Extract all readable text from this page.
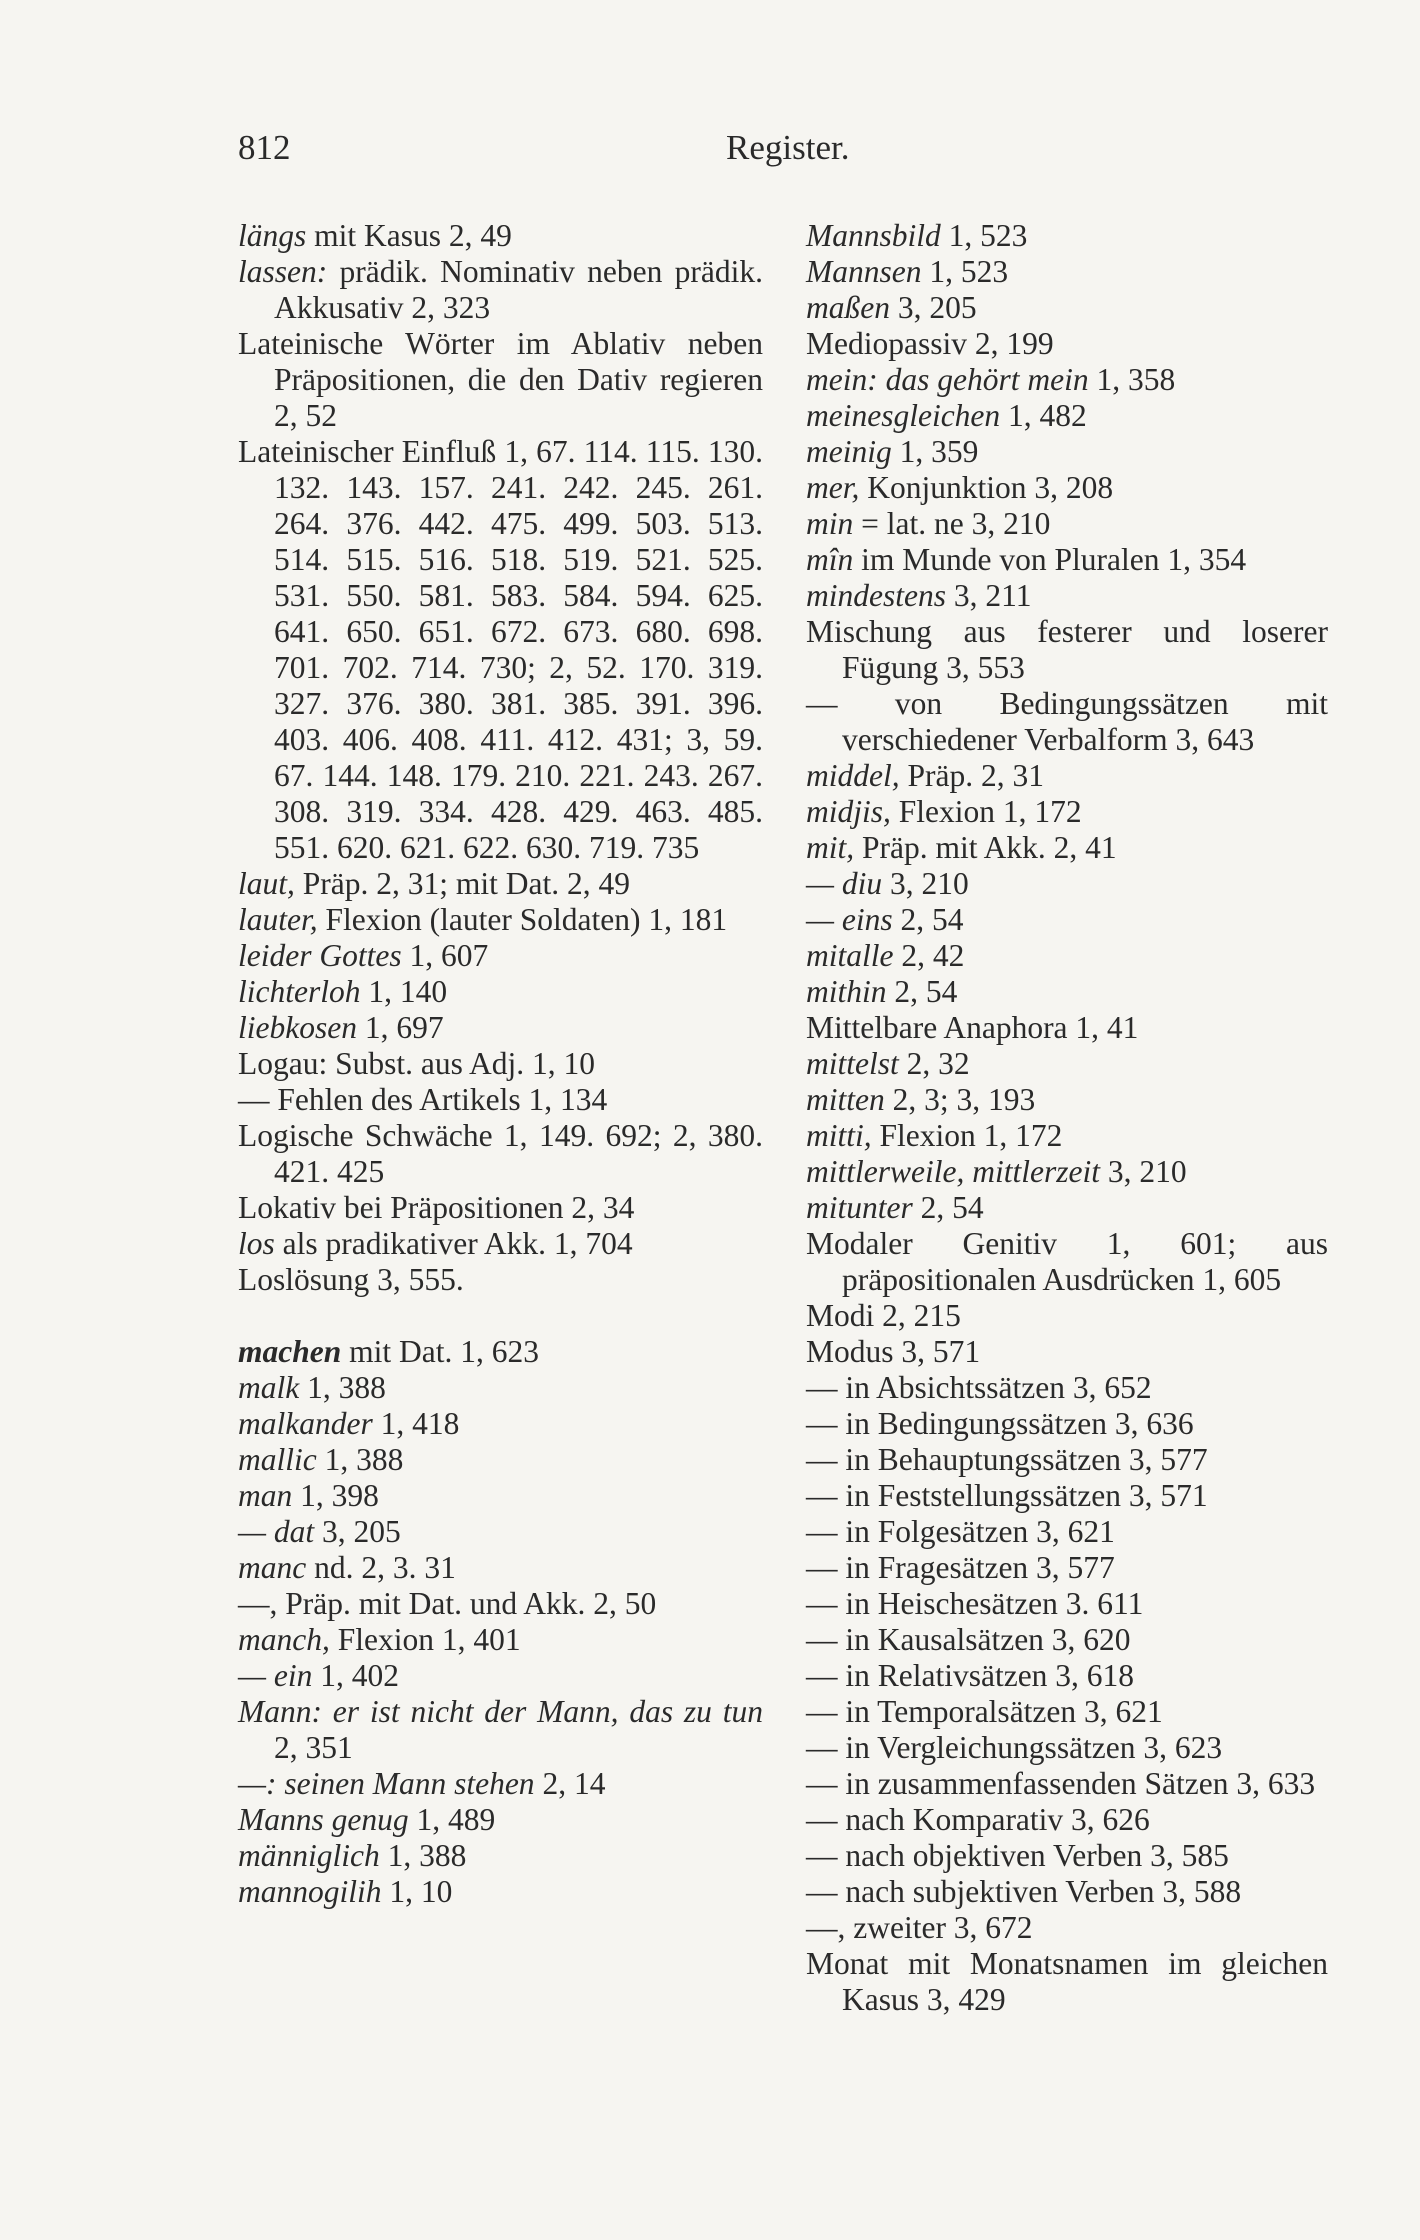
812	Register.
längs mit Kasus 2, 49
lassen: prädik. Nominativ neben prädik. Akkusativ 2, 323
Lateinische Wörter im Ablativ neben Präpositionen, die den Dativ regieren 2, 52
Lateinischer Einfluß 1, 67. 114. 115. 130. 132. 143. 157. 241. 242. 245. 261. 264. 376. 442. 475. 499. 503. 513. 514. 515. 516. 518. 519. 521. 525. 531. 550. 581. 583. 584. 594. 625. 641. 650. 651. 672. 673. 680. 698. 701. 702. 714. 730; 2, 52. 170. 319. 327. 376. 380. 381. 385. 391. 396. 403. 406. 408. 411. 412. 431; 3, 59. 67. 144. 148. 179. 210. 221. 243. 267. 308. 319. 334. 428. 429. 463. 485. 551. 620. 621. 622. 630. 719. 735
laut, Präp. 2, 31; mit Dat. 2, 49
lauter, Flexion (lauter Soldaten) 1, 181
leider Gottes 1, 607
lichterloh 1, 140
liebkosen 1, 697
Logau: Subst. aus Adj. 1, 10
— Fehlen des Artikels 1, 134
Logische Schwäche 1, 149. 692; 2, 380. 421. 425
Lokativ bei Präpositionen 2, 34
los als pradikativer Akk. 1, 704
Loslösung 3, 555.
machen mit Dat. 1, 623
malk 1, 388
malkander 1, 418
mallic 1, 388
man 1, 398
— dat 3, 205
manc nd. 2, 3. 31
—, Präp. mit Dat. und Akk. 2, 50
manch, Flexion 1, 401
— ein 1, 402
Mann: er ist nicht der Mann, das zu tun 2, 351
—: seinen Mann stehen 2, 14
Manns genug 1, 489
männiglich 1, 388
mannogilih 1, 10
Mannsbild 1, 523
Mannsen 1, 523
maßen 3, 205
Mediopassiv 2, 199
mein: das gehört mein 1, 358
meinesgleichen 1, 482
meinig 1, 359
mer, Konjunktion 3, 208
min = lat. ne 3, 210
mîn im Munde von Pluralen 1, 354
mindestens 3, 211
Mischung aus festerer und loserer Fügung 3, 553
— von Bedingungssätzen mit verschiedener Verbalform 3, 643
middel, Präp. 2, 31
midjis, Flexion 1, 172
mit, Präp. mit Akk. 2, 41
— diu 3, 210
— eins 2, 54
mitalle 2, 42
mithin 2, 54
Mittelbare Anaphora 1, 41
mittelst 2, 32
mitten 2, 3; 3, 193
mitti, Flexion 1, 172
mittlerweile, mittlerzeit 3, 210
mitunter 2, 54
Modaler Genitiv 1, 601; aus präpositionalen Ausdrücken 1, 605
Modi 2, 215
Modus 3, 571
— in Absichtssätzen 3, 652
— in Bedingungssätzen 3, 636
— in Behauptungssätzen 3, 577
— in Feststellungssätzen 3, 571
— in Folgesätzen 3, 621
— in Fragesätzen 3, 577
— in Heischesätzen 3. 611
— in Kausalsätzen 3, 620
— in Relativsätzen 3, 618
— in Temporalsätzen 3, 621
— in Vergleichungssätzen 3, 623
— in zusammenfassenden Sätzen 3, 633
— nach Komparativ 3, 626
— nach objektiven Verben 3, 585
— nach subjektiven Verben 3, 588
—, zweiter 3, 672
Monat mit Monatsnamen im gleichen Kasus 3, 429
